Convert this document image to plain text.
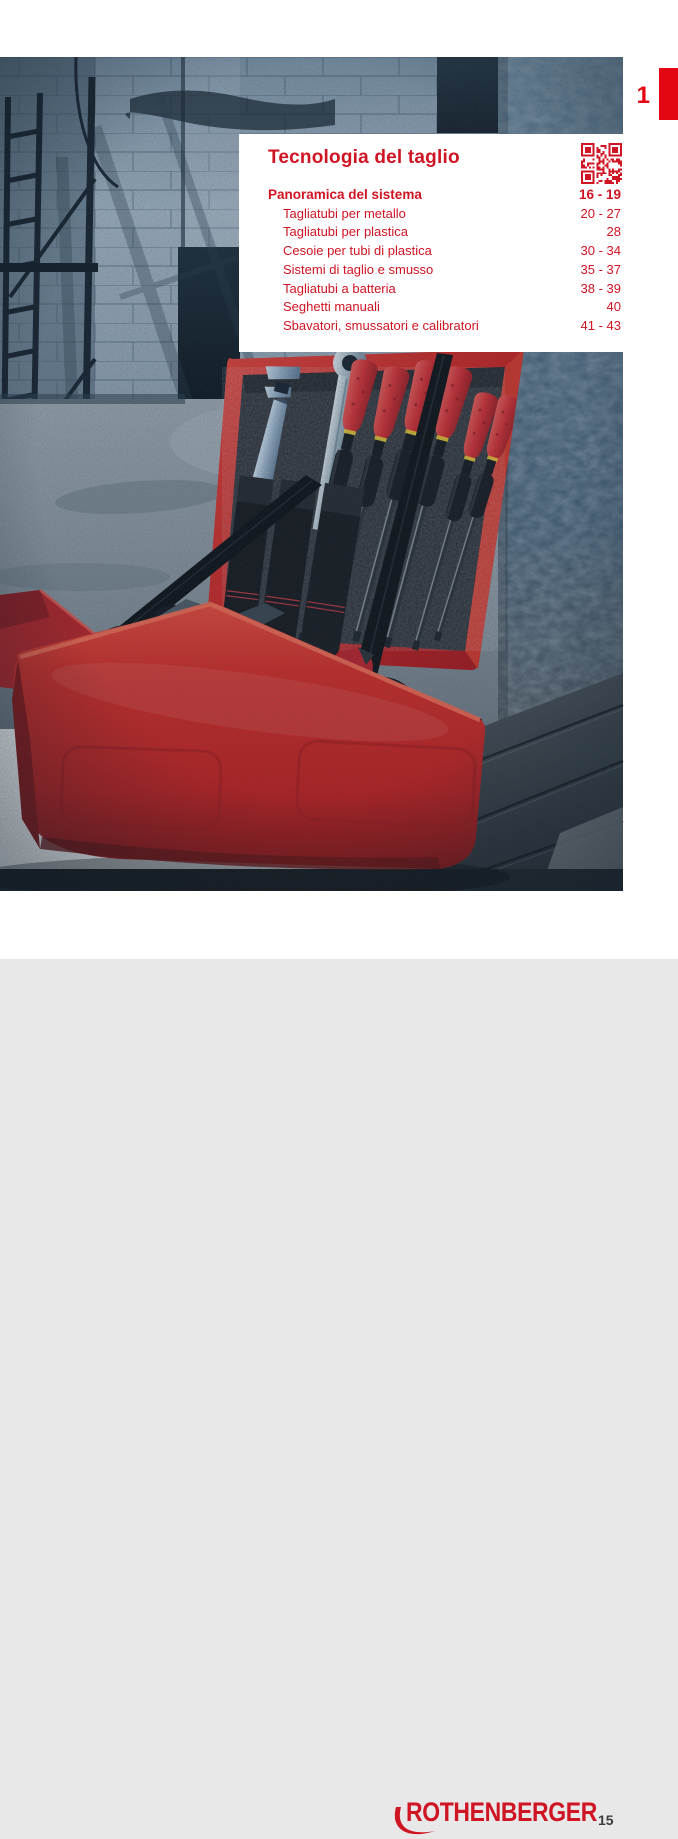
1
Tecnologia del taglio
Panoramica del sistema	16 - 19
Tagliatubi per metallo	20 - 27
Tagliatubi per plastica	28
Cesoie per tubi di plastica	30 - 34
Sistemi di taglio e smusso	35 - 37
Tagliatubi a batteria	38 - 39
Seghetti manuali	40
Sbavatori, smussatori e calibratori	41 - 43
ROTHENBERGER 15
